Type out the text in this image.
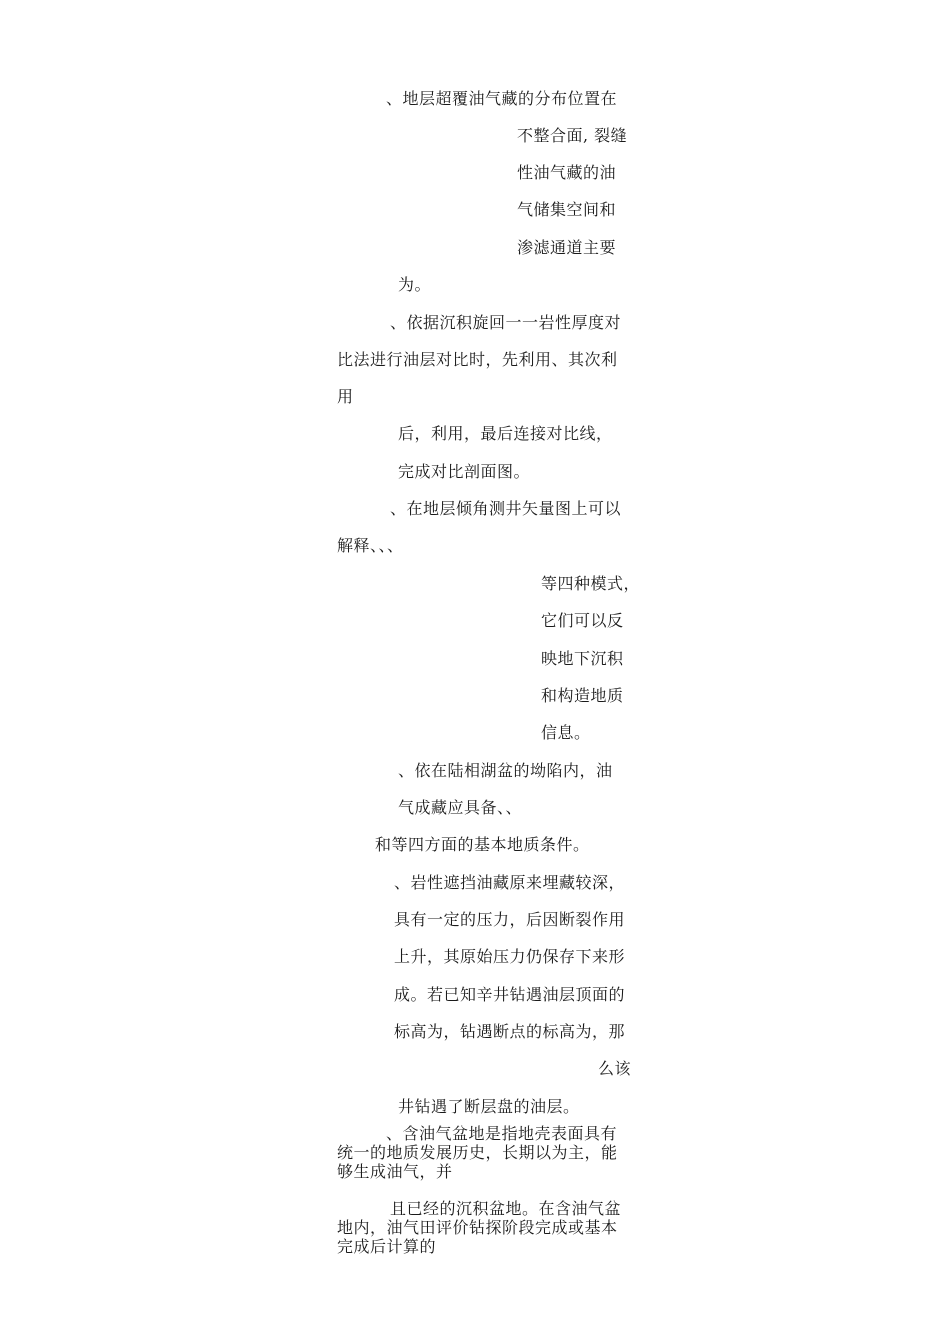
、地层超覆油气藏的分布位置在
不整合面, 裂缝
性油气藏的油
气储集空间和
渗滤通道主要
为。
、依据沉积旋回一一岩性厚度对
比法进行油层对比时，先利用、其次利
用
后，利用，最后连接对比线，
完成对比剖面图。
、在地层倾角测井矢量图上可以
解释、、、
等四种模式，
它们可以反
映地下沉积
和构造地质
信息。
、依在陆相湖盆的坳陷内，油
气成藏应具备、、
和等四方面的基本地质条件。
、岩性遮挡油藏原来埋藏较深，
具有一定的压力，后因断裂作用
上升，其原始压力仍保存下来形
成。若已知辛井钻遇油层顶面的
标高为，钻遇断点的标高为，那
么该
井钻遇了断层盘的油层。
、含油气盆地是指地壳表面具有
统一的地质发展历史，长期以为主，能
够生成油气，并
且已经的沉积盆地。在含油气盆
地内，油气田评价钻探阶段完成或基本
完成后计算的
